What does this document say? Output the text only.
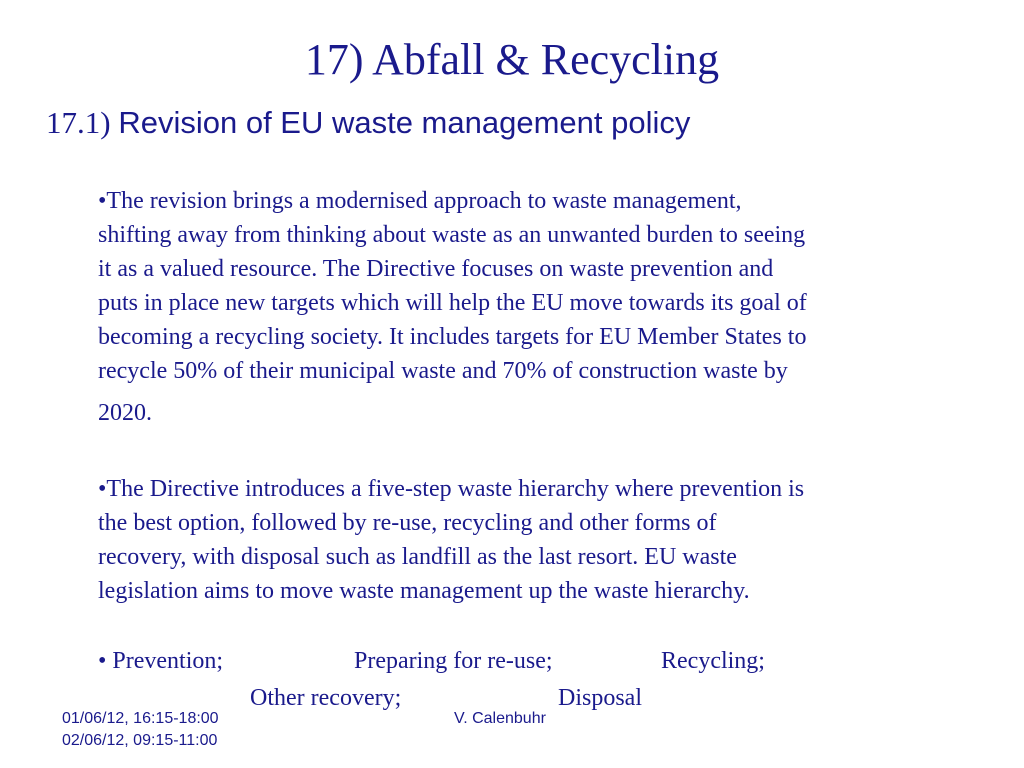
17) Abfall & Recycling
17.1) Revision of EU waste management policy
•The revision brings a modernised approach to waste management,
shifting away from thinking about waste as an unwanted burden to seeing
it as a valued resource. The Directive focuses on waste prevention and
puts in place new targets which will help the EU move towards its goal of
becoming a recycling society. It includes targets for EU Member States to
recycle 50% of their municipal waste and 70% of construction waste by
2020.
•The Directive introduces a five-step waste hierarchy where prevention is
the best option, followed by re-use, recycling and other forms of
recovery, with disposal such as landfill as the last resort. EU waste
legislation aims to move waste management up the waste hierarchy.
• Prevention;	Preparing for re-use;	Recycling;
Other recovery;	Disposal
01/06/12, 16:15-18:00
02/06/12, 09:15-11:00
V. Calenbuhr
